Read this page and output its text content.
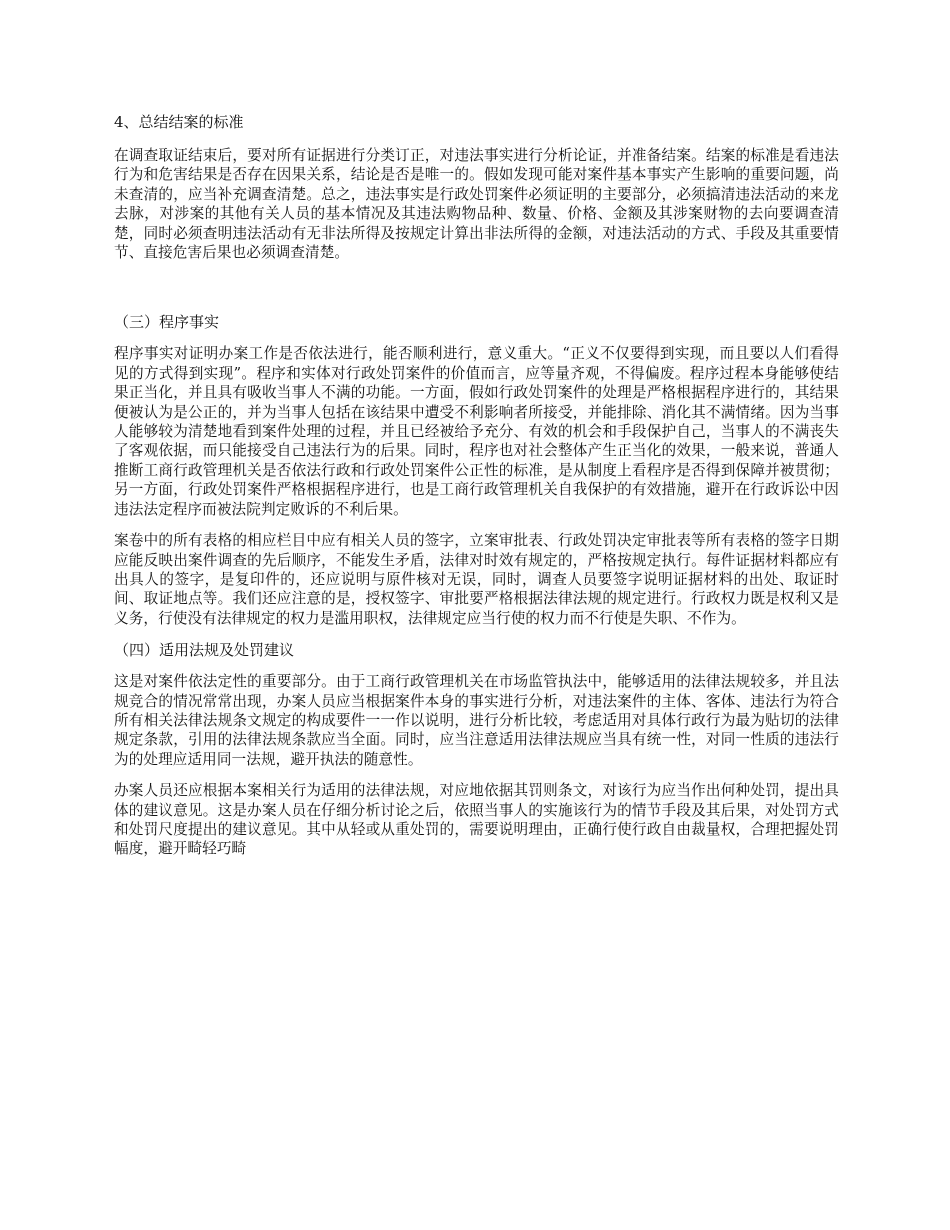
4、总结结案的标准

在调查取证结束后，要对所有证据进行分类订正，对违法事实进行分析论证，并准备结案。结案的标准是看违法行为和危害结果是否存在因果关系，结论是否是唯一的。假如发现可能对案件基本事实产生影响的重要问题，尚未查清的，应当补充调查清楚。总之，违法事实是行政处罚案件必须证明的主要部分，必须搞清违法活动的来龙去脉，对涉案的其他有关人员的基本情况及其违法购物品种、数量、价格、金额及其涉案财物的去向要调查清楚，同时必须查明违法活动有无非法所得及按规定计算出非法所得的金额，对违法活动的方式、手段及其重要情节、直接危害后果也必须调查清楚。

（三）程序事实

程序事实对证明办案工作是否依法进行，能否顺利进行，意义重大。“正义不仅要得到实现，而且要以人们看得见的方式得到实现”。程序和实体对行政处罚案件的价值而言，应等量齐观，不得偏废。程序过程本身能够使结果正当化，并且具有吸收当事人不满的功能。一方面，假如行政处罚案件的处理是严格根据程序进行的，其结果便被认为是公正的，并为当事人包括在该结果中遭受不利影响者所接受，并能排除、消化其不满情绪。因为当事人能够较为清楚地看到案件处理的过程，并且已经被给予充分、有效的机会和手段保护自己，当事人的不满丧失了客观依据，而只能接受自己违法行为的后果。同时，程序也对社会整体产生正当化的效果，一般来说，普通人推断工商行政管理机关是否依法行政和行政处罚案件公正性的标准，是从制度上看程序是否得到保障并被贯彻；另一方面，行政处罚案件严格根据程序进行，也是工商行政管理机关自我保护的有效措施，避开在行政诉讼中因违法法定程序而被法院判定败诉的不利后果。

案卷中的所有表格的相应栏目中应有相关人员的签字，立案审批表、行政处罚决定审批表等所有表格的签字日期应能反映出案件调查的先后顺序，不能发生矛盾，法律对时效有规定的，严格按规定执行。每件证据材料都应有出具人的签字，是复印件的，还应说明与原件核对无误，同时，调查人员要签字说明证据材料的出处、取证时间、取证地点等。我们还应注意的是，授权签字、审批要严格根据法律法规的规定进行。行政权力既是权利又是义务，行使没有法律规定的权力是滥用职权，法律规定应当行使的权力而不行使是失职、不作为。

（四）适用法规及处罚建议

这是对案件依法定性的重要部分。由于工商行政管理机关在市场监管执法中，能够适用的法律法规较多，并且法规竞合的情况常常出现，办案人员应当根据案件本身的事实进行分析，对违法案件的主体、客体、违法行为符合所有相关法律法规条文规定的构成要件一一作以说明，进行分析比较，考虑适用对具体行政行为最为贴切的法律规定条款，引用的法律法规条款应当全面。同时，应当注意适用法律法规应当具有统一性，对同一性质的违法行为的处理应适用同一法规，避开执法的随意性。

办案人员还应根据本案相关行为适用的法律法规，对应地依据其罚则条文，对该行为应当作出何种处罚，提出具体的建议意见。这是办案人员在仔细分析讨论之后，依照当事人的实施该行为的情节手段及其后果，对处罚方式和处罚尺度提出的建议意见。其中从轻或从重处罚的，需要说明理由，正确行使行政自由裁量权，合理把握处罚幅度，避开畸轻巧畸
